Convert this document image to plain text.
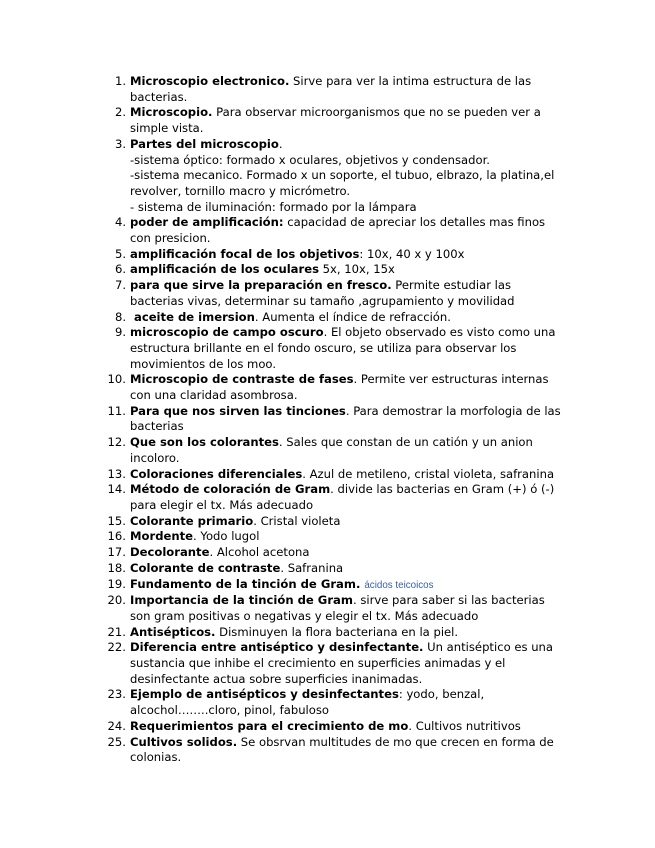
1. Microscopio electronico. Sirve para ver la intima estructura de las bacterias.
2. Microscopio. Para observar microorganismos que no se pueden ver a simple vista.
3. Partes del microscopio.
-sistema óptico: formado x oculares, objetivos y condensador.
-sistema mecanico. Formado x un soporte, el tubuo, elbrazo, la platina,el revolver, tornillo macro y micrómetro.
- sistema de iluminación: formado por la lámpara
4. poder de amplificación: capacidad de apreciar los detalles mas finos con presicion.
5. amplificación focal de los objetivos: 10x, 40 x y 100x
6. amplificación de los oculares 5x, 10x, 15x
7. para que sirve la preparación en fresco. Permite estudiar las bacterias vivas, determinar su tamaño ,agrupamiento y movilidad
8. aceite de imersion. Aumenta el índice de refracción.
9. microscopio de campo oscuro. El objeto observado es visto como una estructura brillante en el fondo oscuro, se utiliza para observar los movimientos de los moo.
10. Microscopio de contraste de fases. Permite ver estructuras internas con una claridad asombrosa.
11. Para que nos sirven las tinciones. Para demostrar la morfologia de las bacterias
12. Que son los colorantes. Sales que constan de un catión y un anion incoloro.
13. Coloraciones diferenciales. Azul de metileno, cristal violeta, safranina
14. Método de coloración de Gram. divide las bacterias en Gram (+) ó (-) para elegir el tx. Más adecuado
15. Colorante primario. Cristal violeta
16. Mordente. Yodo lugol
17. Decolorante. Alcohol acetona
18. Colorante de contraste. Safranina
19. Fundamento de la tinción de Gram. ácidos teicoicos
20. Importancia de la tinción de Gram. sirve para saber si las bacterias son gram positivas o negativas y elegir el tx. Más adecuado
21. Antisépticos. Disminuyen la flora bacteriana en la piel.
22. Diferencia entre antiséptico y desinfectante. Un antiséptico es una sustancia que inhibe el crecimiento en superficies animadas y el desinfectante actua sobre superficies inanimadas.
23. Ejemplo de antisépticos y desinfectantes: yodo, benzal, alcochol……..cloro, pinol, fabuloso
24. Requerimientos para el crecimiento de mo. Cultivos nutritivos
25. Cultivos solidos. Se obsrvan multitudes de mo que crecen en forma de colonias.
